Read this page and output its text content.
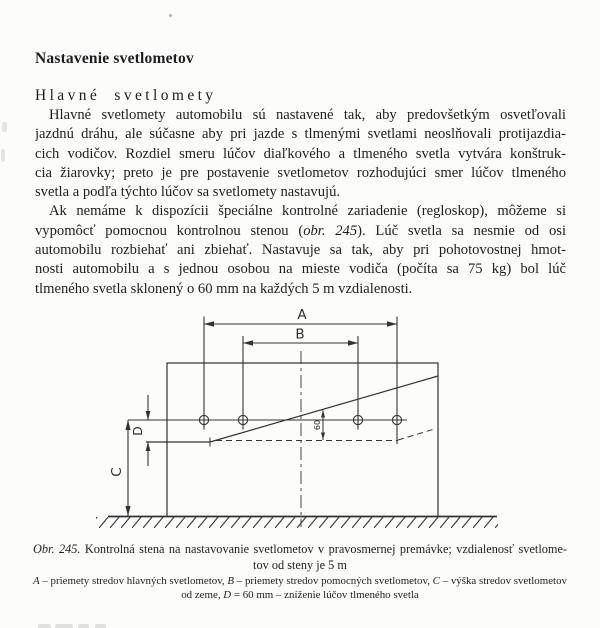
Nastavenie svetlometov
Hlavné svetlomety
Hlavné svetlomety automobilu sú nastavené tak, aby predovšetkým osvetľovali
jazdnú dráhu, ale súčasne aby pri jazde s tlmenými svetlami neoslňovali protijazdia-
cich vodičov. Rozdiel smeru lúčov diaľkového a tlmeného svetla vytvára konštruk-
cia žiarovky; preto je pre postavenie svetlometov rozhodujúci smer lúčov tlmeného
svetla a podľa týchto lúčov sa svetlomety nastavujú.
Ak nemáme k dispozícii špeciálne kontrolné zariadenie (regloskop), môžeme si
vypomôcť pomocnou kontrolnou stenou (obr. 245). Lúč svetla sa nesmie od osi
automobilu rozbiehať ani zbiehať. Nastavuje sa tak, aby pri pohotovostnej hmot-
nosti automobilu a s jednou osobou na mieste vodiča (počíta sa 75 kg) bol lúč
tlmeného svetla sklonený o 60 mm na každých 5 m vzdialenosti.
A
B
C
D
60
Obr. 245. Kontrolná stena na nastavovanie svetlometov v pravosmernej premávke; vzdialenosť svetlome-
tov od steny je 5 m
A – priemety stredov hlavných svetlometov, B – priemety stredov pomocných svetlometov, C – výška stredov svetlometov
od zeme, D = 60 mm – zníženie lúčov tlmeného svetla
